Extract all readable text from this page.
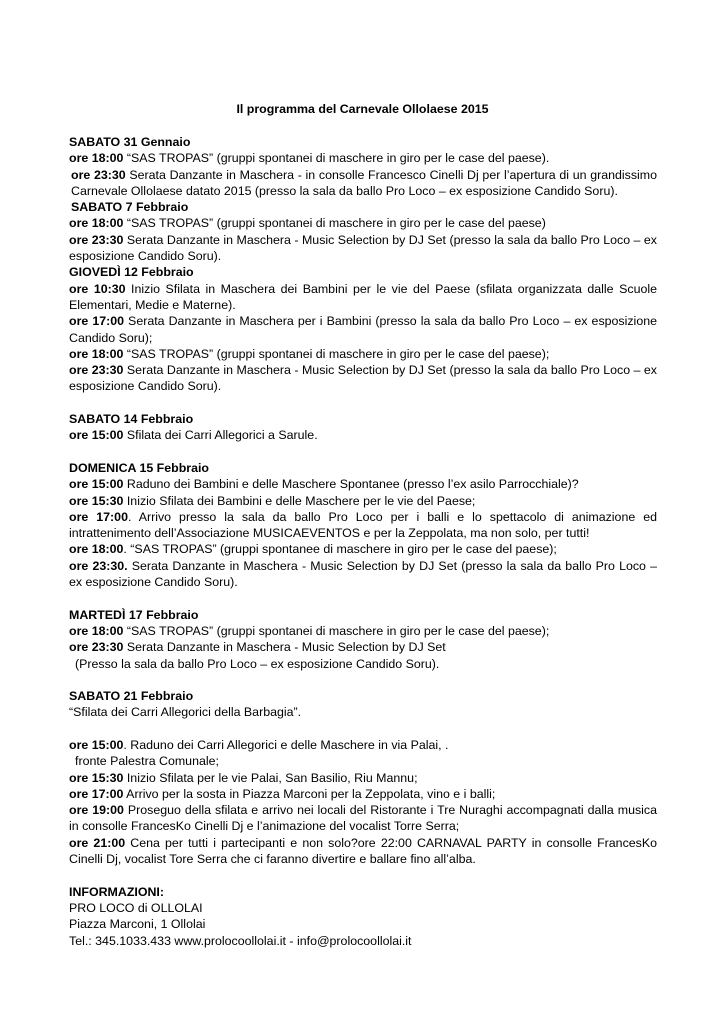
Il programma del Carnevale Ollolaese 2015
SABATO 31 Gennaio
ore 18:00 “SAS TROPAS” (gruppi spontanei di maschere in giro per le case del paese).
ore 23:30 Serata Danzante in Maschera - in consolle Francesco Cinelli Dj per l’apertura di un grandissimo Carnevale Ollolaese datato 2015 (presso la sala da ballo Pro Loco – ex esposizione Candido Soru).
SABATO 7 Febbraio
ore 18:00 “SAS TROPAS” (gruppi spontanei di maschere in giro per le case del paese)
ore 23:30 Serata Danzante in Maschera - Music Selection by DJ Set (presso la sala da ballo Pro Loco – ex esposizione Candido Soru).
GIOVEDÌ 12 Febbraio
ore 10:30 Inizio Sfilata in Maschera dei Bambini per le vie del Paese (sfilata organizzata dalle Scuole Elementari, Medie e Materne).
ore 17:00 Serata Danzante in Maschera per i Bambini (presso la sala da ballo Pro Loco – ex esposizione Candido Soru);
ore 18:00 “SAS TROPAS” (gruppi spontanei di maschere in giro per le case del paese);
ore 23:30 Serata Danzante in Maschera - Music Selection by DJ Set (presso la sala da ballo Pro Loco – ex esposizione Candido Soru).
SABATO 14 Febbraio
ore 15:00 Sfilata dei Carri Allegorici a Sarule.
DOMENICA 15 Febbraio
ore 15:00 Raduno dei Bambini e delle Maschere Spontanee (presso l’ex asilo Parrocchiale)?
ore 15:30 Inizio Sfilata dei Bambini e delle Maschere per le vie del Paese;
ore 17:00. Arrivo presso la sala da ballo Pro Loco per i balli e lo spettacolo di animazione ed intrattenimento dell’Associazione MUSICAEVENTOS e per la Zeppolata, ma non solo, per tutti!
ore 18:00. “SAS TROPAS” (gruppi spontanee di maschere in giro per le case del paese);
ore 23:30. Serata Danzante in Maschera - Music Selection by DJ Set (presso la sala da ballo Pro Loco – ex esposizione Candido Soru).
MARTEDÌ 17 Febbraio
ore 18:00 “SAS TROPAS” (gruppi spontanei di maschere in giro per le case del paese);
ore 23:30 Serata Danzante in Maschera - Music Selection by DJ Set
(Presso la sala da ballo Pro Loco – ex esposizione Candido Soru).
SABATO 21 Febbraio
“Sfilata dei Carri Allegorici della Barbagia”.
ore 15:00. Raduno dei Carri Allegorici e delle Maschere in via Palai, .
fronte Palestra Comunale;
ore 15:30 Inizio Sfilata per le vie Palai, San Basilio, Riu Mannu;
ore 17:00 Arrivo per la sosta in Piazza Marconi per la Zeppolata, vino e i balli;
ore 19:00 Proseguo della sfilata e arrivo nei locali del Ristorante i Tre Nuraghi accompagnati dalla musica in consolle FrancesKo Cinelli Dj e l’animazione del vocalist Torre Serra;
ore 21:00 Cena per tutti i partecipanti e non solo?ore 22:00 CARNAVAL PARTY in consolle FrancesKo Cinelli Dj, vocalist Tore Serra che ci faranno divertire e ballare fino all’alba.
INFORMAZIONI:
PRO LOCO di OLLOLAI
Piazza Marconi, 1 Ollolai
Tel.: 345.1033.433 www.prolocoollolai.it - info@prolocoollolai.it
